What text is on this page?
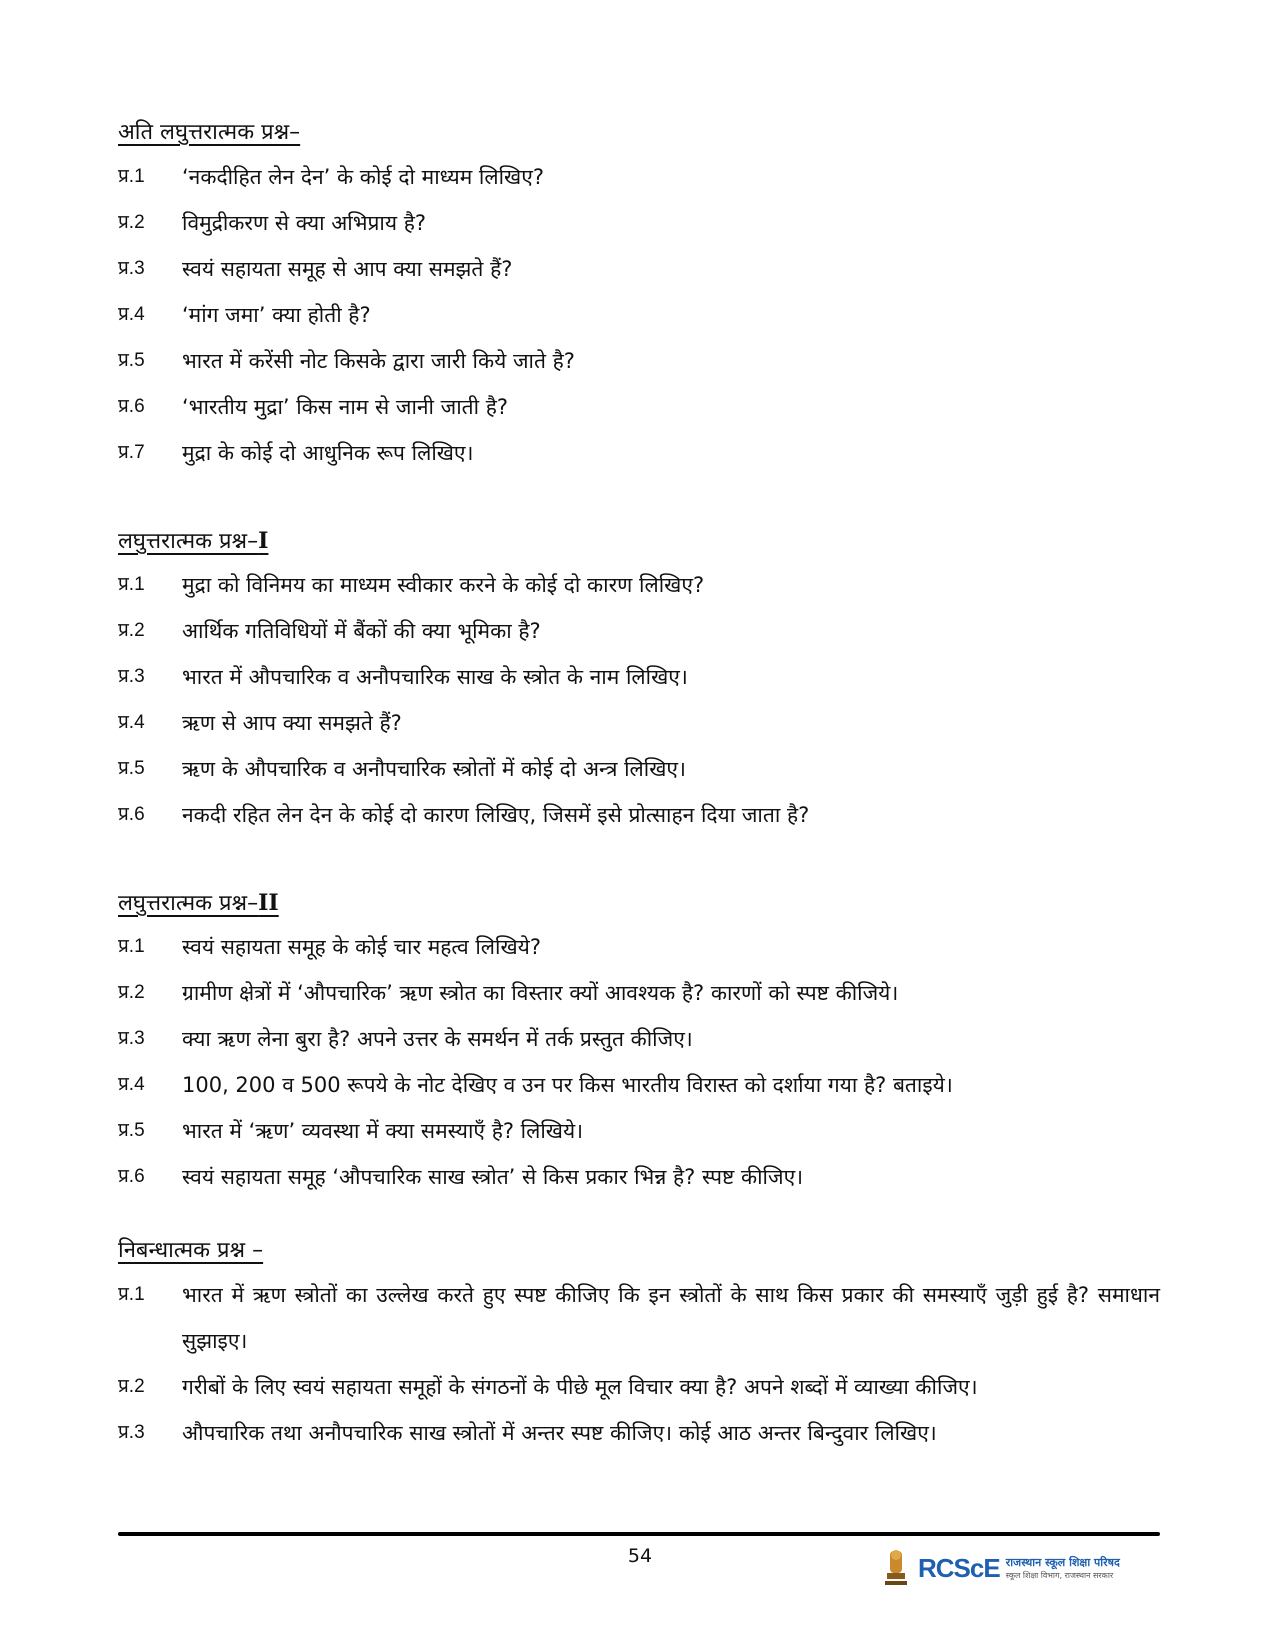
अति लघुत्तरात्मक प्रश्न–
प्र.1	‘नकदीहित लेन देन’ के कोई दो माध्यम लिखिए?
प्र.2	विमुद्रीकरण से क्या अभिप्राय है?
प्र.3	स्वयं सहायता समूह से आप क्या समझते हैं?
प्र.4	‘मांग जमा’ क्या होती है?
प्र.5	भारत में करेंसी नोट किसके द्वारा जारी किये जाते है?
प्र.6	‘भारतीय मुद्रा’ किस नाम से जानी जाती है?
प्र.7	मुद्रा के कोई दो आधुनिक रूप लिखिए।
लघुत्तरात्मक प्रश्न–I
प्र.1	मुद्रा को विनिमय का माध्यम स्वीकार करने के कोई दो कारण लिखिए?
प्र.2	आर्थिक गतिविधियों में बैंकों की क्या भूमिका है?
प्र.3	भारत में औपचारिक व अनौपचारिक साख के स्त्रोत के नाम लिखिए।
प्र.4	ऋण से आप क्या समझते हैं?
प्र.5	ऋण के औपचारिक व अनौपचारिक स्त्रोतों में कोई दो अन्त्र लिखिए।
प्र.6	नकदी रहित लेन देन के कोई दो कारण लिखिए, जिसमें इसे प्रोत्साहन दिया जाता है?
लघुत्तरात्मक प्रश्न–II
प्र.1	स्वयं सहायता समूह के कोई चार महत्व लिखिये?
प्र.2	ग्रामीण क्षेत्रों में ‘औपचारिक’ ऋण स्त्रोत का विस्तार क्यों आवश्यक है? कारणों को स्पष्ट कीजिये।
प्र.3	क्या ऋण लेना बुरा है? अपने उत्तर के समर्थन में तर्क प्रस्तुत कीजिए।
प्र.4	100, 200 व 500 रूपये के नोट देखिए व उन पर किस भारतीय विरास्त को दर्शाया गया है? बताइये।
प्र.5	भारत में ‘ऋण’ व्यवस्था में क्या समस्याएँ है? लिखिये।
प्र.6	स्वयं सहायता समूह ‘औपचारिक साख स्त्रोत’ से किस प्रकार भिन्न है? स्पष्ट कीजिए।
निबन्धात्मक प्रश्न –
प्र.1	भारत में ऋण स्त्रोतों का उल्लेख करते हुए स्पष्ट कीजिए कि इन स्त्रोतों के साथ किस प्रकार की समस्याएँ जुड़ी हुई है? समाधान सुझाइए।
प्र.2	गरीबों के लिए स्वयं सहायता समूहों के संगठनों के पीछे मूल विचार क्या है? अपने शब्दों में व्याख्या कीजिए।
प्र.3	औपचारिक तथा अनौपचारिक साख स्त्रोतों में अन्तर स्पष्ट कीजिए। कोई आठ अन्तर बिन्दुवार लिखिए।
54	RCScE राजस्थान स्कूल शिक्षा परिषद
स्कूल शिक्षा विभाग, राजस्थान सरकार
